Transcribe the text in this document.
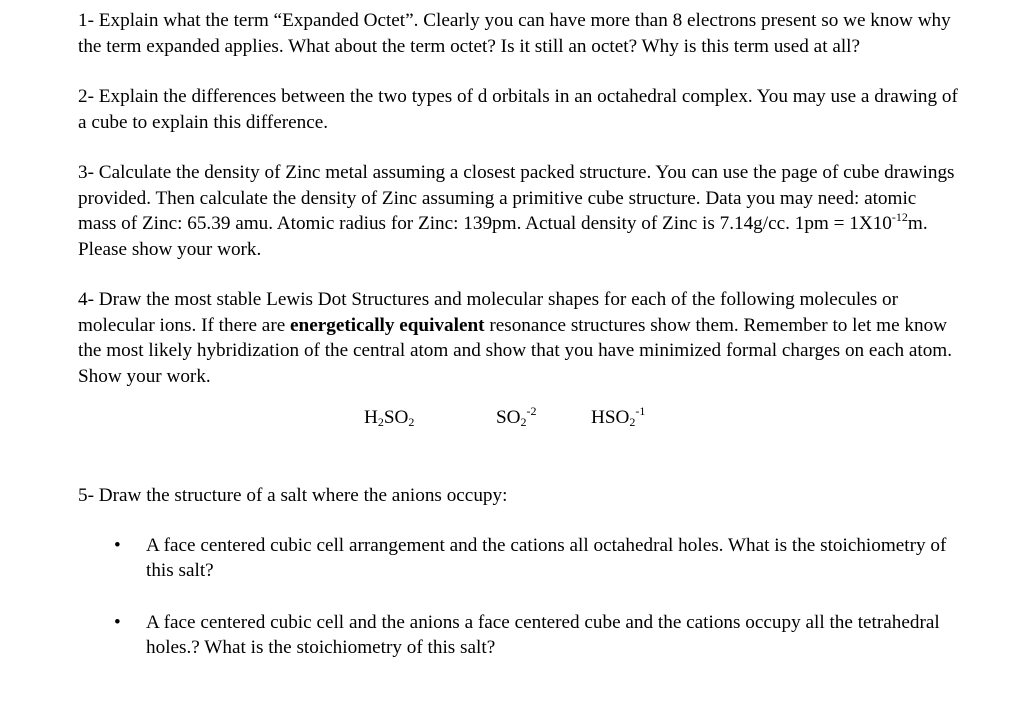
1- Explain what the term “Expanded Octet”. Clearly you can have more than 8 electrons present so we know why the term expanded applies. What about the term octet? Is it still an octet? Why is this term used at all?

2- Explain the differences between the two types of d orbitals in an octahedral complex. You may use a drawing of a cube to explain this difference.

3- Calculate the density of Zinc metal assuming a closest packed structure. You can use the page of cube drawings provided. Then calculate the density of Zinc assuming a primitive cube structure. Data you may need: atomic mass of Zinc: 65.39 amu. Atomic radius for Zinc: 139pm. Actual density of Zinc is 7.14g/cc. $1pm = 1X10^{-12}m$. Please show your work.

4- Draw the most stable Lewis Dot Structures and molecular shapes for each of the following molecules or molecular ions. If there are energetically equivalent resonance structures show them. Remember to let me know the most likely hybridization of the central atom and show that you have minimized formal charges on each atom. Show your work.

$H_2SO_2$	$SO_2^{-2}$	$HSO_2^{-1}$

5- Draw the structure of a salt where the anions occupy:

• A face centered cubic cell arrangement and the cations all octahedral holes. What is the stoichiometry of this salt?
• A face centered cubic cell and the anions a face centered cube and the cations occupy all the tetrahedral holes.? What is the stoichiometry of this salt?
